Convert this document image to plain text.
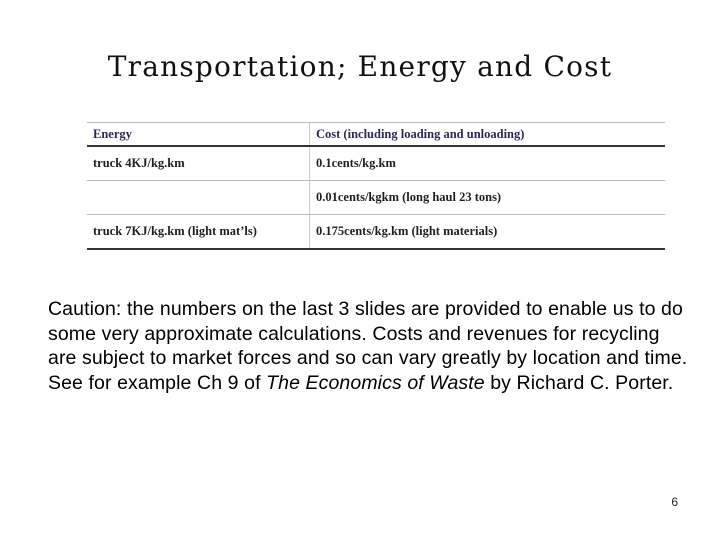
Transportation; Energy and Cost
Energy	Cost (including loading and unloading)
truck 4KJ/kg.km	0.1cents/kg.km
	0.01cents/kgkm (long haul 23 tons)
truck 7KJ/kg.km (light mat’ls)	0.175cents/kg.km (light materials)
Caution: the numbers on the last 3 slides are provided to enable us to do some very approximate calculations. Costs and revenues for recycling are subject to market forces and so can vary greatly by location and time. See for example Ch 9 of The Economics of Waste by Richard C. Porter.
6
